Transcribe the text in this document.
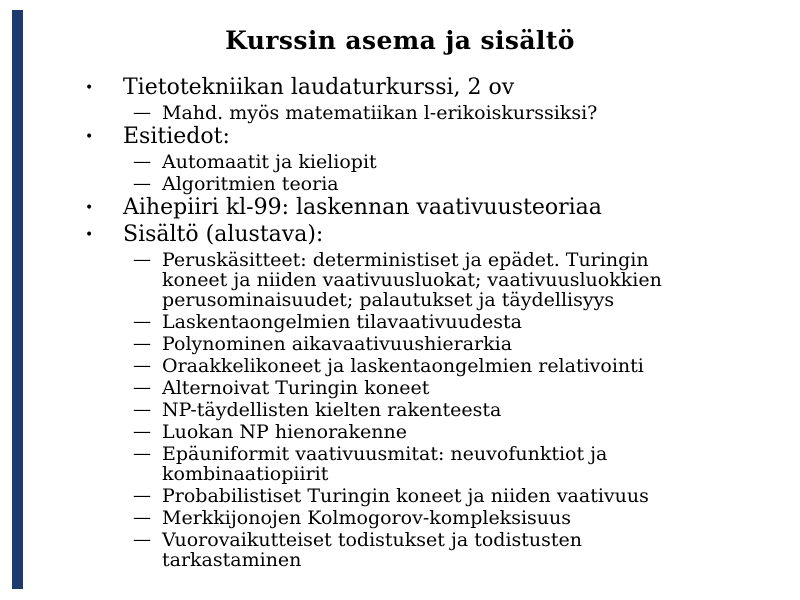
Kurssin asema ja sisältö
•	Tietotekniikan laudaturkurssi, 2 ov
— Mahd. myös matematiikan l-erikoiskurssiksi?
•	Esitiedot:
— Automaatit ja kieliopit
— Algoritmien teoria
•	Aihepiiri kl-99: laskennan vaativuusteoriaa
•	Sisältö (alustava):
— Peruskäsitteet: deterministiset ja epädet. Turingin koneet ja niiden vaativuusluokat; vaativuusluokkien perusominaisuudet; palautukset ja täydellisyys
— Laskentaongelmien tilavaativuudesta
— Polynominen aikavaativuushierarkia
— Oraakkelikoneet ja laskentaongelmien relativointi
— Alternoivat Turingin koneet
— NP-täydellisten kielten rakenteesta
— Luokan NP hienorakenne
— Epäuniformit vaativuusmitat: neuvofunktiot ja kombinaatiopiirit
— Probabilistiset Turingin koneet ja niiden vaativuus
— Merkkijonojen Kolmogorov-kompleksisuus
— Vuorovaikutteiset todistukset ja todistusten tarkastaminen
